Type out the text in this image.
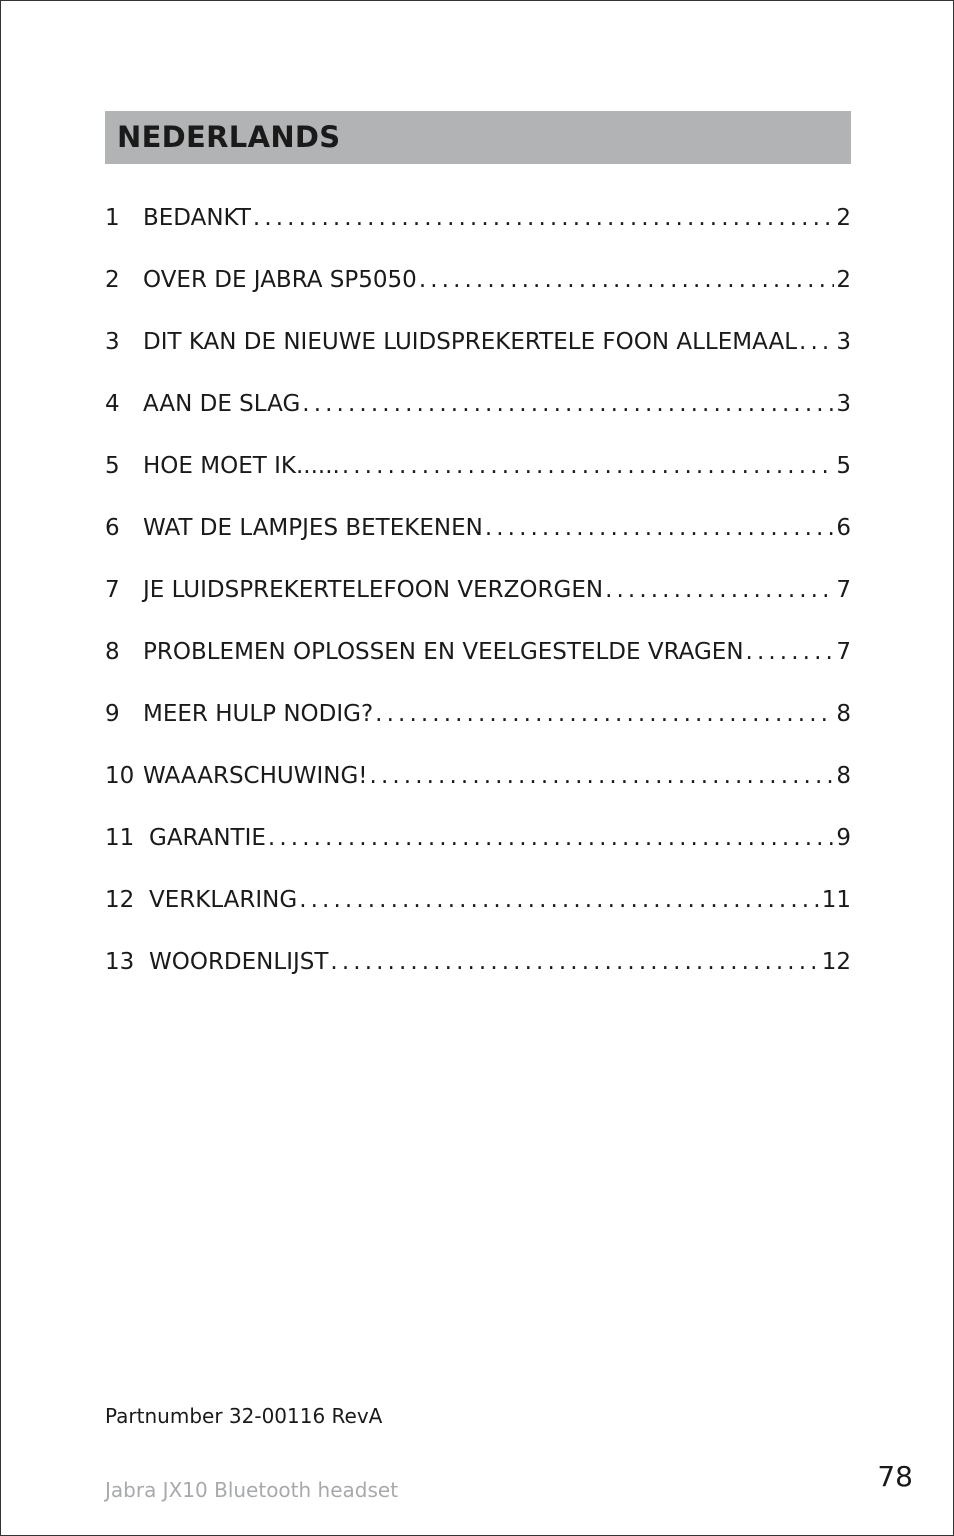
NEDERLANDS
1	BEDANKT . . .	2
2	OVER DE JABRA SP5050 . . .	2
3	DIT KAN DE NIEUWE LUIDSPREKERTELE FOON ALLEMAAL . . . 3
4	AAN DE SLAG . . .	3
5	HOE MOET IK...... . . .	5
6	WAT DE LAMPJES BETEKENEN . . .	6
7	JE LUIDSPREKERTELEFOON VERZORGEN . . .	7
8	PROBLEMEN OPLOSSEN EN VEELGESTELDE VRAGEN . . .	7
9	MEER HULP NODIG? . . .	8
10 WAAARSCHUWING! . . .	8
11 GARANTIE . . .	9
12 VERKLARING . . .	11
13 WOORDENLIJST . . .	12
Partnumber 32-00116 RevA
Jabra JX10 Bluetooth headset	78
